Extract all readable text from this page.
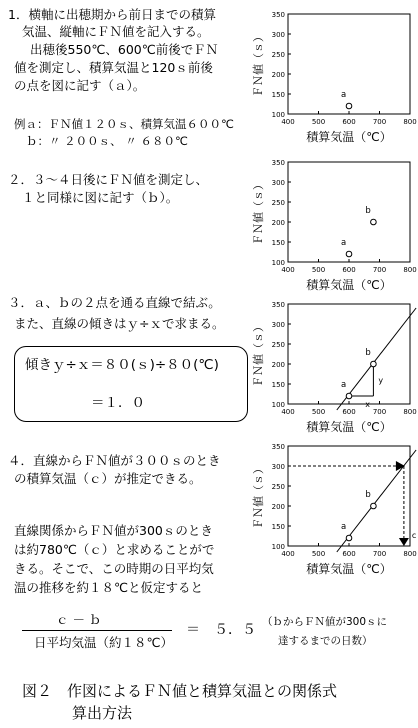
1．横軸に出穂期から前日までの積算
気温、縦軸にＦＮ値を記入する。
出穂後550℃、600℃前後でＦＮ
値を測定し、積算気温と120ｓ前後
の点を図に記す（ａ）。
例ａ：ＦＮ値１２０ｓ、積算気温６００℃
ｂ：〃 ２００ｓ、 〃 ６８０℃
２．３～４日後にＦＮ値を測定し、
１と同様に図に記す（ｂ）。
３．ａ、ｂの２点を通る直線で結ぶ。
また、直線の傾きはｙ÷ｘで求まる。
傾きｙ÷ｘ＝８０(ｓ)÷８０(℃)
＝１．０
４．直線からＦＮ値が３００ｓのとき
の積算気温（ｃ）が推定できる。
直線関係からＦＮ値が300ｓのとき
は約780℃（ｃ）と求めることがで
きる。そこで、この時期の日平均気
温の推移を約１８℃と仮定すると
ｃ － ｂ
日平均気温（約１８℃）
＝　５．５ （ｂからＦＮ値が300ｓに
達するまでの日数）
図２　作図によるＦＮ値と積算気温との関係式
算出方法
350
300
250
200
150
100
400 500 600 700 800
ＦＮ値（ｓ）
積算気温（℃）
a
350
300
250
200
150
100
400 500 600 700 800
ＦＮ値（ｓ）
積算気温（℃）
a
b
350
300
250
200
150
100
400 500 600 700 800
ＦＮ値（ｓ）
積算気温（℃）
y
x
a
b
350
300
250
200
150
100
400 500 600 700 800
ＦＮ値（ｓ）
積算気温（℃）
c
a
b
